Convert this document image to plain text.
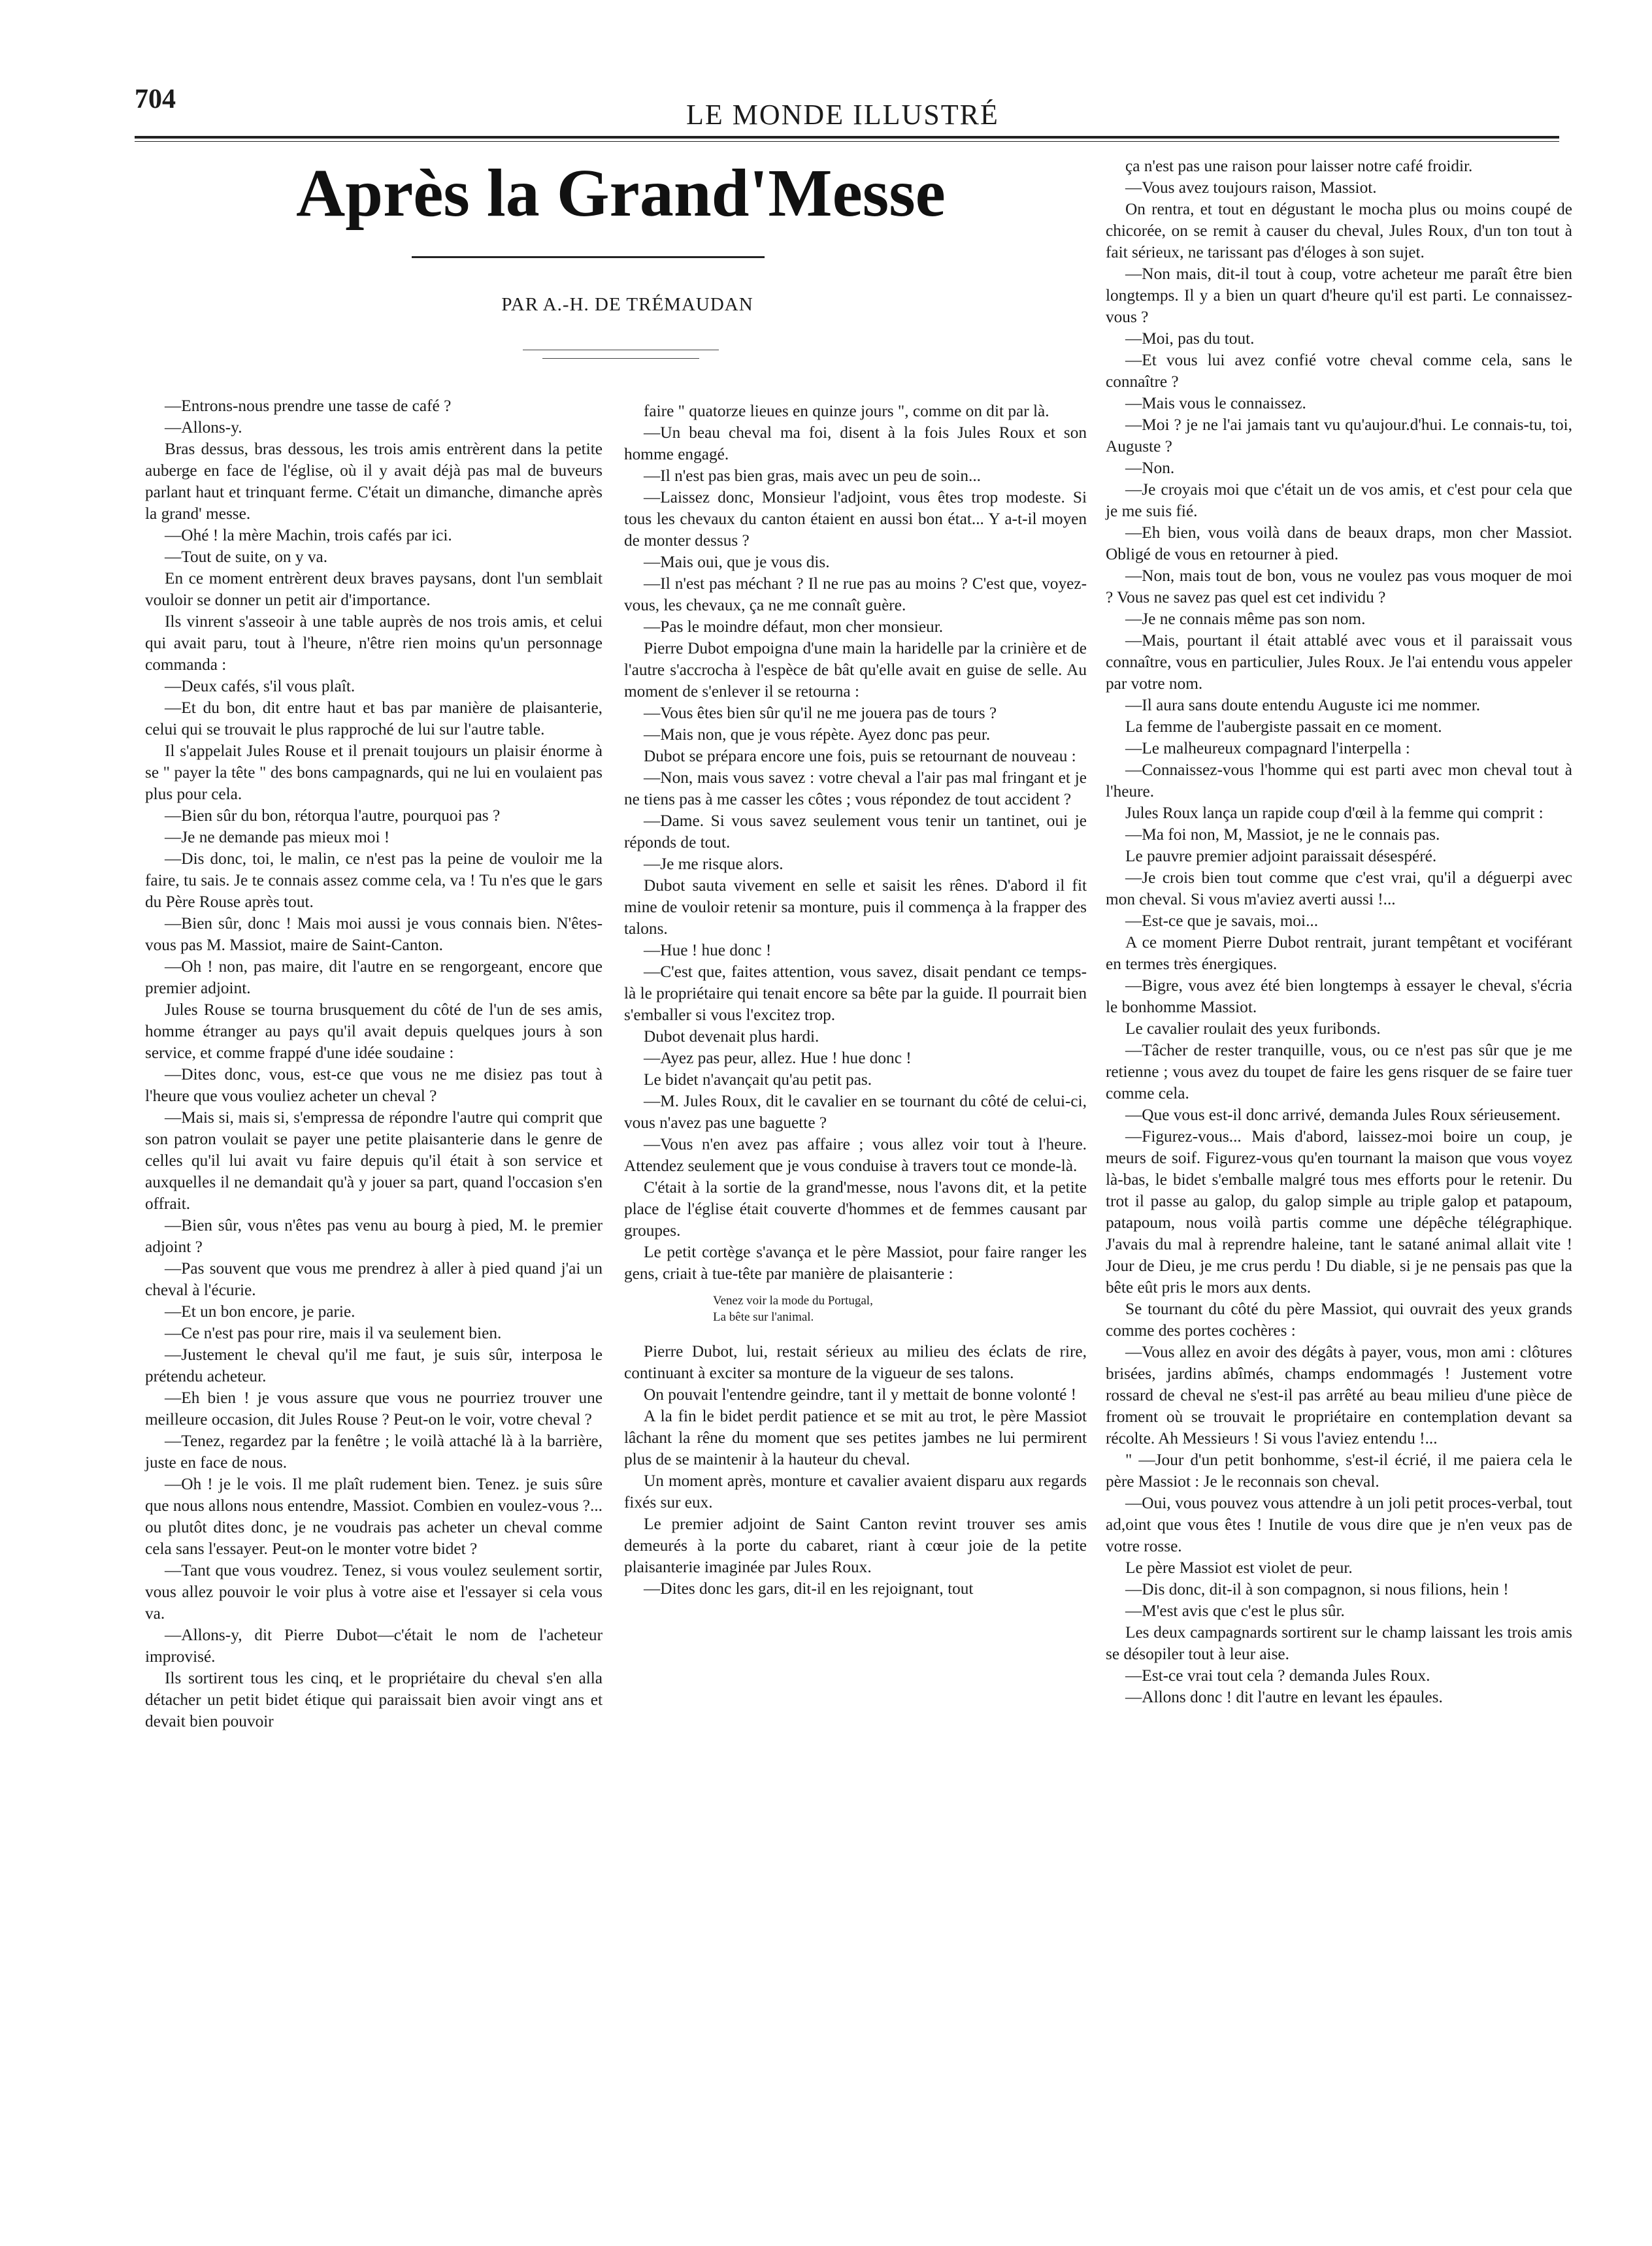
704	LE MONDE ILLUSTRÉ
Après la Grand'Messe
PAR A.-H. DE TRÉMAUDAN

—Entrons-nous prendre une tasse de café ?

—Allons-y.

Bras dessus, bras dessous, les trois amis entrèrent dans la petite auberge en face de l'église, où il y avait déjà pas mal de buveurs parlant haut et trinquant ferme. C'était un dimanche, dimanche après la grand' messe.

—Ohé ! la mère Machin, trois cafés par ici.

—Tout de suite, on y va.

En ce moment entrèrent deux braves paysans, dont l'un semblait vouloir se donner un petit air d'importance.

Ils vinrent s'asseoir à une table auprès de nos trois amis, et celui qui avait paru, tout à l'heure, n'être rien moins qu'un personnage commanda :

—Deux cafés, s'il vous plaît.

—Et du bon, dit entre haut et bas par manière de plaisanterie, celui qui se trouvait le plus rapproché de lui sur l'autre table.

Il s'appelait Jules Rouse et il prenait toujours un plaisir énorme à se " payer la tête " des bons campagnards, qui ne lui en voulaient pas plus pour cela.

—Bien sûr du bon, rétorqua l'autre, pourquoi pas ?

—Je ne demande pas mieux moi !

—Dis donc, toi, le malin, ce n'est pas la peine de vouloir me la faire, tu sais. Je te connais assez comme cela, va ! Tu n'es que le gars du Père Rouse après tout.

—Bien sûr, donc ! Mais moi aussi je vous connais bien. N'êtes-vous pas M. Massiot, maire de Saint-Canton.

—Oh ! non, pas maire, dit l'autre en se rengorgeant, encore que premier adjoint.

Jules Rouse se tourna brusquement du côté de l'un de ses amis, homme étranger au pays qu'il avait depuis quelques jours à son service, et comme frappé d'une idée soudaine :

—Dites donc, vous, est-ce que vous ne me disiez pas tout à l'heure que vous vouliez acheter un cheval ?

—Mais si, mais si, s'empressa de répondre l'autre qui comprit que son patron voulait se payer une petite plaisanterie dans le genre de celles qu'il lui avait vu faire depuis qu'il était à son service et auxquelles il ne demandait qu'à y jouer sa part, quand l'occasion s'en offrait.

—Bien sûr, vous n'êtes pas venu au bourg à pied, M. le premier adjoint ?

—Pas souvent que vous me prendrez à aller à pied quand j'ai un cheval à l'écurie.

—Et un bon encore, je parie.

—Ce n'est pas pour rire, mais il va seulement bien.

—Justement le cheval qu'il me faut, je suis sûr, interposa le prétendu acheteur.

—Eh bien ! je vous assure que vous ne pourriez trouver une meilleure occasion, dit Jules Rouse ? Peut-on le voir, votre cheval ?

—Tenez, regardez par la fenêtre ; le voilà attaché là à la barrière, juste en face de nous.

—Oh ! je le vois. Il me plaît rudement bien. Tenez. je suis sûre que nous allons nous entendre, Massiot. Combien en voulez-vous ?... ou plutôt dites donc, je ne voudrais pas acheter un cheval comme cela sans l'essayer. Peut-on le monter votre bidet ?

—Tant que vous voudrez. Tenez, si vous voulez seulement sortir, vous allez pouvoir le voir plus à votre aise et l'essayer si cela vous va.

—Allons-y, dit Pierre Dubot—c'était le nom de l'acheteur improvisé.

Ils sortirent tous les cinq, et le propriétaire du cheval s'en alla détacher un petit bidet étique qui paraissait bien avoir vingt ans et devait bien pouvoir

faire " quatorze lieues en quinze jours ", comme on dit par là.

—Un beau cheval ma foi, disent à la fois Jules Roux et son homme engagé.

—Il n'est pas bien gras, mais avec un peu de soin...

—Laissez donc, Monsieur l'adjoint, vous êtes trop modeste. Si tous les chevaux du canton étaient en aussi bon état... Y a-t-il moyen de monter dessus ?

—Mais oui, que je vous dis.

—Il n'est pas méchant ? Il ne rue pas au moins ? C'est que, voyez-vous, les chevaux, ça ne me connaît guère.

—Pas le moindre défaut, mon cher monsieur.

Pierre Dubot empoigna d'une main la haridelle par la crinière et de l'autre s'accrocha à l'espèce de bât qu'elle avait en guise de selle. Au moment de s'enlever il se retourna :

—Vous êtes bien sûr qu'il ne me jouera pas de tours ?

—Mais non, que je vous répète. Ayez donc pas peur.

Dubot se prépara encore une fois, puis se retournant de nouveau :

—Non, mais vous savez : votre cheval a l'air pas mal fringant et je ne tiens pas à me casser les côtes ; vous répondez de tout accident ?

—Dame. Si vous savez seulement vous tenir un tantinet, oui je réponds de tout.

—Je me risque alors.

Dubot sauta vivement en selle et saisit les rênes. D'abord il fit mine de vouloir retenir sa monture, puis il commença à la frapper des talons.

—Hue ! hue donc !

—C'est que, faites attention, vous savez, disait pendant ce temps-là le propriétaire qui tenait encore sa bête par la guide. Il pourrait bien s'emballer si vous l'excitez trop.

Dubot devenait plus hardi.

—Ayez pas peur, allez. Hue ! hue donc !

Le bidet n'avançait qu'au petit pas.

—M. Jules Roux, dit le cavalier en se tournant du côté de celui-ci, vous n'avez pas une baguette ?

—Vous n'en avez pas affaire ; vous allez voir tout à l'heure. Attendez seulement que je vous conduise à travers tout ce monde-là.

C'était à la sortie de la grand'messe, nous l'avons dit, et la petite place de l'église était couverte d'hommes et de femmes causant par groupes.

Le petit cortège s'avança et le père Massiot, pour faire ranger les gens, criait à tue-tête par manière de plaisanterie :

Venez voir la mode du Portugal,
La bête sur l'animal.

Pierre Dubot, lui, restait sérieux au milieu des éclats de rire, continuant à exciter sa monture de la vigueur de ses talons.

On pouvait l'entendre geindre, tant il y mettait de bonne volonté !

A la fin le bidet perdit patience et se mit au trot, le père Massiot lâchant la rêne du moment que ses petites jambes ne lui permirent plus de se maintenir à la hauteur du cheval.

Un moment après, monture et cavalier avaient disparu aux regards fixés sur eux.

Le premier adjoint de Saint Canton revint trouver ses amis demeurés à la porte du cabaret, riant à cœur joie de la petite plaisanterie imaginée par Jules Roux.

—Dites donc les gars, dit-il en les rejoignant, tout

ça n'est pas une raison pour laisser notre café froidir.

—Vous avez toujours raison, Massiot.

On rentra, et tout en dégustant le mocha plus ou moins coupé de chicorée, on se remit à causer du cheval, Jules Roux, d'un ton tout à fait sérieux, ne tarissant pas d'éloges à son sujet.

—Non mais, dit-il tout à coup, votre acheteur me paraît être bien longtemps. Il y a bien un quart d'heure qu'il est parti. Le connaissez-vous ?

—Moi, pas du tout.

—Et vous lui avez confié votre cheval comme cela, sans le connaître ?

—Mais vous le connaissez.

—Moi ? je ne l'ai jamais tant vu qu'aujour.d'hui. Le connais-tu, toi, Auguste ?

—Non.

—Je croyais moi que c'était un de vos amis, et c'est pour cela que je me suis fié.

—Eh bien, vous voilà dans de beaux draps, mon cher Massiot. Obligé de vous en retourner à pied.

—Non, mais tout de bon, vous ne voulez pas vous moquer de moi ? Vous ne savez pas quel est cet individu ?

—Je ne connais même pas son nom.

—Mais, pourtant il était attablé avec vous et il paraissait vous connaître, vous en particulier, Jules Roux. Je l'ai entendu vous appeler par votre nom.

—Il aura sans doute entendu Auguste ici me nommer.

La femme de l'aubergiste passait en ce moment.

—Le malheureux compagnard l'interpella :

—Connaissez-vous l'homme qui est parti avec mon cheval tout à l'heure.

Jules Roux lança un rapide coup d'œil à la femme qui comprit :

—Ma foi non, M, Massiot, je ne le connais pas.

Le pauvre premier adjoint paraissait désespéré.

—Je crois bien tout comme que c'est vrai, qu'il a déguerpi avec mon cheval. Si vous m'aviez averti aussi !...

—Est-ce que je savais, moi...

A ce moment Pierre Dubot rentrait, jurant tempêtant et vociférant en termes très énergiques.

—Bigre, vous avez été bien longtemps à essayer le cheval, s'écria le bonhomme Massiot.

Le cavalier roulait des yeux furibonds.

—Tâcher de rester tranquille, vous, ou ce n'est pas sûr que je me retienne ; vous avez du toupet de faire les gens risquer de se faire tuer comme cela.

—Que vous est-il donc arrivé, demanda Jules Roux sérieusement.

—Figurez-vous... Mais d'abord, laissez-moi boire un coup, je meurs de soif. Figurez-vous qu'en tournant la maison que vous voyez là-bas, le bidet s'emballe malgré tous mes efforts pour le retenir. Du trot il passe au galop, du galop simple au triple galop et patapoum, patapoum, nous voilà partis comme une dépêche télégraphique. J'avais du mal à reprendre haleine, tant le satané animal allait vite ! Jour de Dieu, je me crus perdu ! Du diable, si je ne pensais pas que la bête eût pris le mors aux dents.

Se tournant du côté du père Massiot, qui ouvrait des yeux grands comme des portes cochères :

—Vous allez en avoir des dégâts à payer, vous, mon ami : clôtures brisées, jardins abîmés, champs endommagés ! Justement votre rossard de cheval ne s'est-il pas arrêté au beau milieu d'une pièce de froment où se trouvait le propriétaire en contemplation devant sa récolte. Ah Messieurs ! Si vous l'aviez entendu !...

" —Jour d'un petit bonhomme, s'est-il écrié, il me paiera cela le père Massiot : Je le reconnais son cheval.

—Oui, vous pouvez vous attendre à un joli petit proces-verbal, tout ad,oint que vous êtes ! Inutile de vous dire que je n'en veux pas de votre rosse.

Le père Massiot est violet de peur.

—Dis donc, dit-il à son compagnon, si nous filions, hein !

—M'est avis que c'est le plus sûr.

Les deux campagnards sortirent sur le champ laissant les trois amis se désopiler tout à leur aise.

—Est-ce vrai tout cela ? demanda Jules Roux.

—Allons donc ! dit l'autre en levant les épaules.
